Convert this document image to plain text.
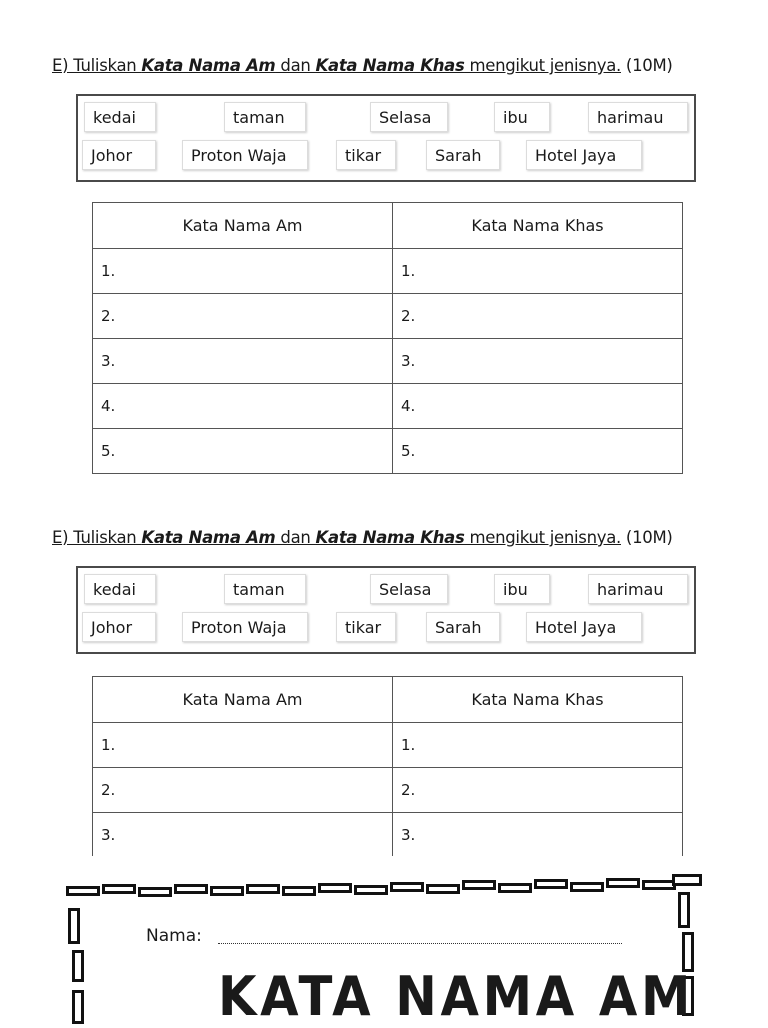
E) Tuliskan Kata Nama Am dan Kata Nama Khas mengikut jenisnya. (10M)
kedai	taman	Selasa	ibu	harimau
Johor	Proton Waja	tikar	Sarah	Hotel Jaya
Kata Nama Am	Kata Nama Khas
1.	1.
2.	2.
3.	3.
4.	4.
5.	5.
E) Tuliskan Kata Nama Am dan Kata Nama Khas mengikut jenisnya. (10M)
kedai	taman	Selasa	ibu	harimau
Johor	Proton Waja	tikar	Sarah	Hotel Jaya
Kata Nama Am	Kata Nama Khas
1.	1.
2.	2.
3.	3.
Nama:
KATA NAMA AM
